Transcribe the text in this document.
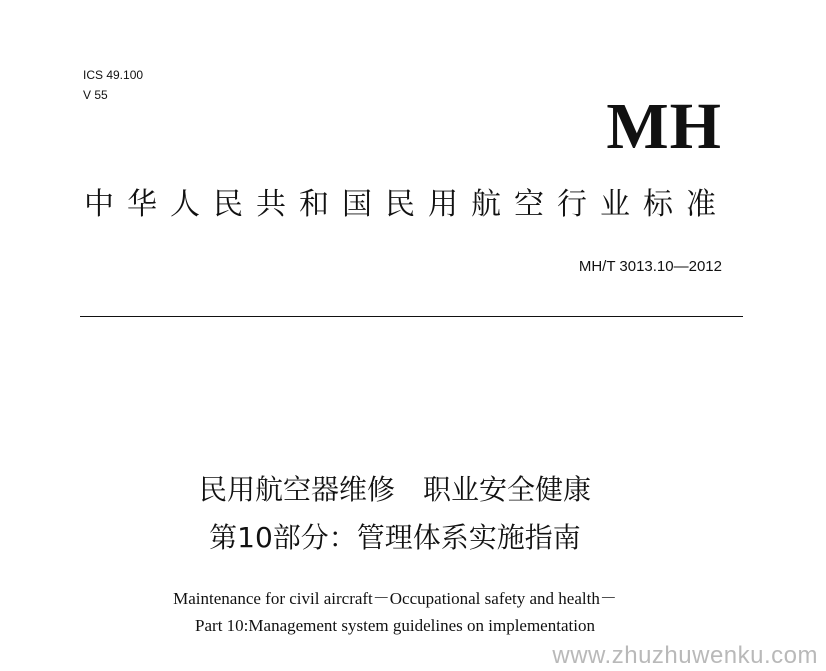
ICS 49.100
V 55	MH
中华人民共和国民用航空行业标准
MH/T 3013.10—2012
民用航空器维修　职业安全健康
第10部分：管理体系实施指南
Maintenance for civil aircraft－Occupational safety and health－
Part 10:Management system guidelines on implementation
www.zhuzhuwenku.com
